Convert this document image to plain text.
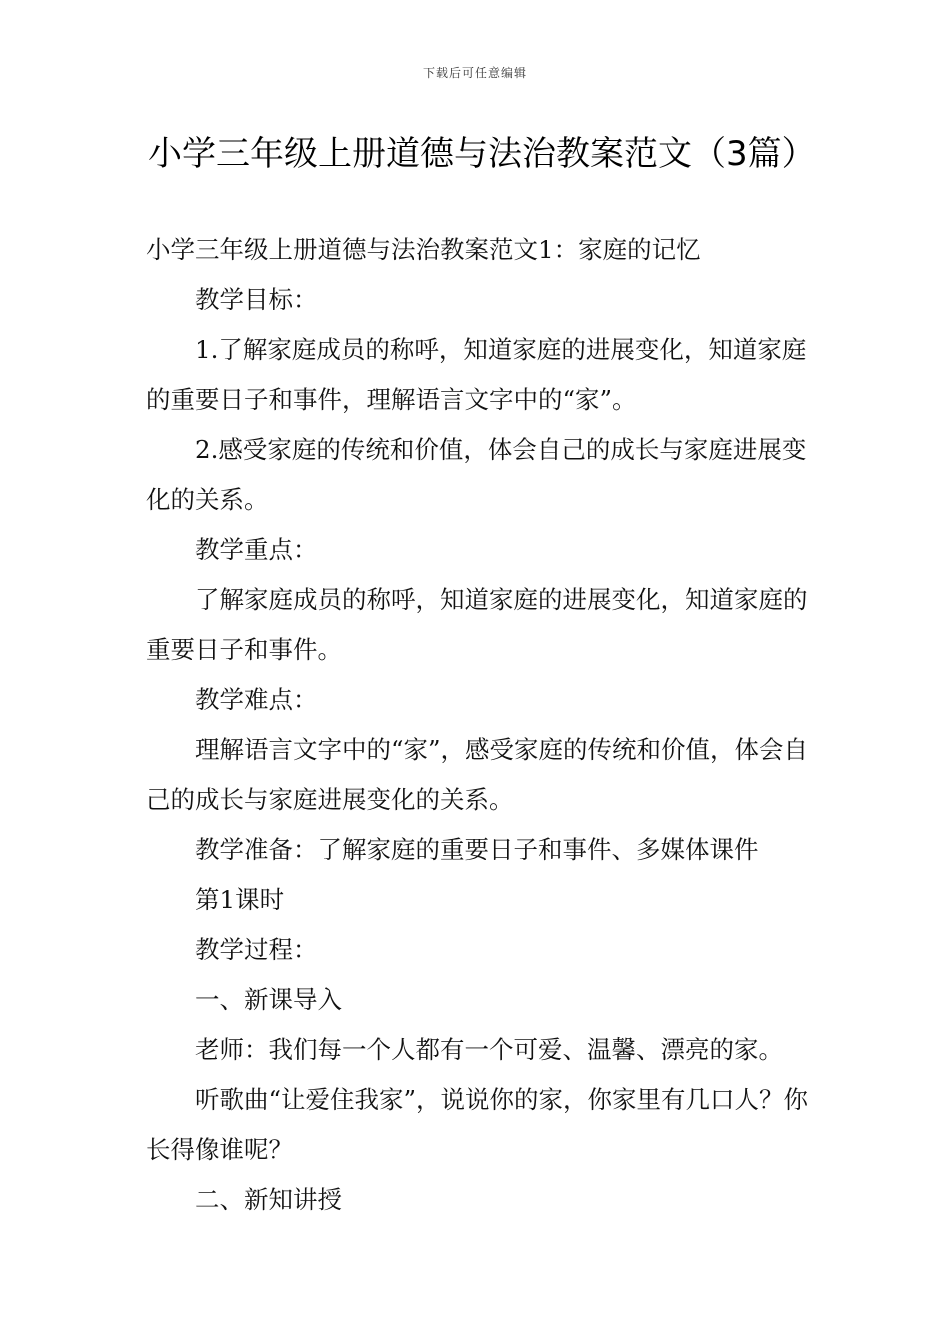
下载后可任意编辑
小学三年级上册道德与法治教案范文（3篇）

小学三年级上册道德与法治教案范文1：家庭的记忆

教学目标：

1.了解家庭成员的称呼，知道家庭的进展变化，知道家庭的重要日子和事件，理解语言文字中的“家”。

2.感受家庭的传统和价值，体会自己的成长与家庭进展变化的关系。

教学重点：

了解家庭成员的称呼，知道家庭的进展变化，知道家庭的重要日子和事件。

教学难点：

理解语言文字中的“家”，感受家庭的传统和价值，体会自己的成长与家庭进展变化的关系。

教学准备：了解家庭的重要日子和事件、多媒体课件

第1课时

教学过程：

一、新课导入

老师：我们每一个人都有一个可爱、温馨、漂亮的家。

听歌曲“让爱住我家”，说说你的家，你家里有几口人？你长得像谁呢？

二、新知讲授
